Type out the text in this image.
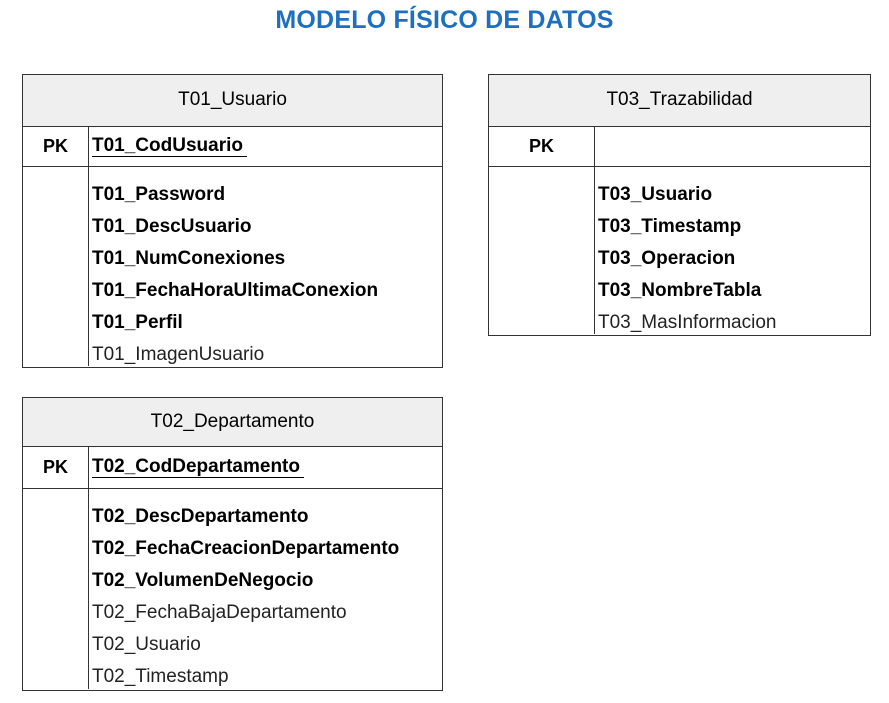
MODELO FÍSICO DE DATOS
T01_Usuario
PK	T01_CodUsuario
T01_Password
T01_DescUsuario
T01_NumConexiones
T01_FechaHoraUltimaConexion
T01_Perfil
T01_ImagenUsuario
T02_Departamento
PK	T02_CodDepartamento
T02_DescDepartamento
T02_FechaCreacionDepartamento
T02_VolumenDeNegocio
T02_FechaBajaDepartamento
T02_Usuario
T02_Timestamp
T03_Trazabilidad
PK
T03_Usuario
T03_Timestamp
T03_Operacion
T03_NombreTabla
T03_MasInformacion
